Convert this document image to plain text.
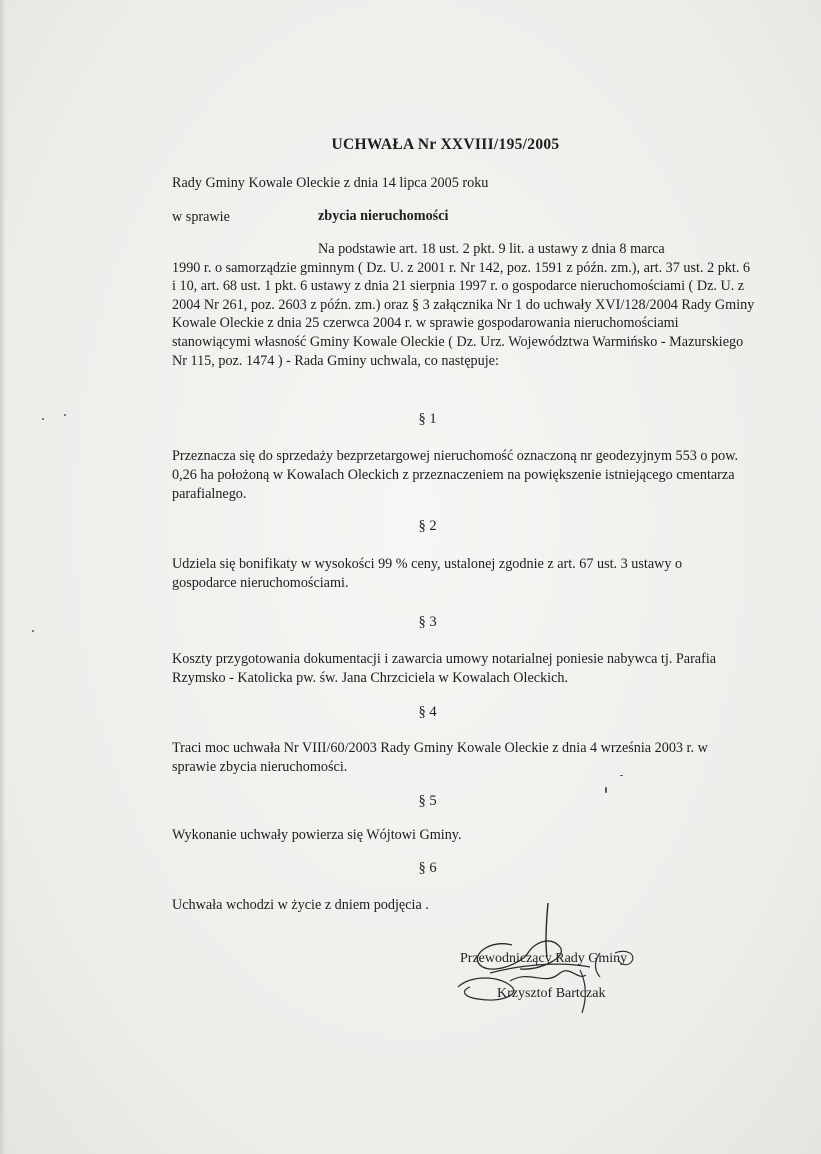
UCHWAŁA Nr XXVIII/195/2005
Rady Gminy Kowale Oleckie z dnia 14 lipca 2005 roku
w sprawie	zbycia nieruchomości
Na podstawie art. 18 ust. 2 pkt. 9 lit. a ustawy z dnia 8 marca
1990 r. o samorządzie gminnym ( Dz. U. z 2001 r. Nr 142, poz. 1591 z późn. zm.), art. 37 ust. 2 pkt. 6 i 10, art. 68 ust. 1 pkt. 6 ustawy z dnia 21 sierpnia 1997 r. o gospodarce nieruchomościami ( Dz. U. z 2004 Nr 261, poz. 2603 z późn. zm.) oraz § 3 załącznika Nr 1 do uchwały XVI/128/2004 Rady Gminy Kowale Oleckie z dnia 25 czerwca 2004 r. w sprawie gospodarowania nieruchomościami stanowiącymi własność Gminy Kowale Oleckie ( Dz. Urz. Województwa Warmińsko - Mazurskiego Nr 115, poz. 1474 ) - Rada Gminy uchwala, co następuje:
§ 1
Przeznacza się do sprzedaży bezprzetargowej nieruchomość oznaczoną nr geodezyjnym 553 o pow. 0,26 ha położoną w Kowalach Oleckich z przeznaczeniem na powiększenie istniejącego cmentarza parafialnego.
§ 2
Udziela się bonifikaty w wysokości 99 % ceny, ustalonej zgodnie z art. 67 ust. 3 ustawy o gospodarce nieruchomościami.
§ 3
Koszty przygotowania dokumentacji i zawarcia umowy notarialnej poniesie nabywca tj. Parafia Rzymsko - Katolicka pw. św. Jana Chrzciciela w Kowalach Oleckich.
§ 4
Traci moc uchwała Nr VIII/60/2003 Rady Gminy Kowale Oleckie z dnia 4 września 2003 r. w sprawie zbycia nieruchomości.
§ 5
Wykonanie uchwały powierza się Wójtowi Gminy.
§ 6
Uchwała wchodzi w życie z dniem podjęcia .
Przewodniczący Rady Gminy
Krzysztof Bartczak
